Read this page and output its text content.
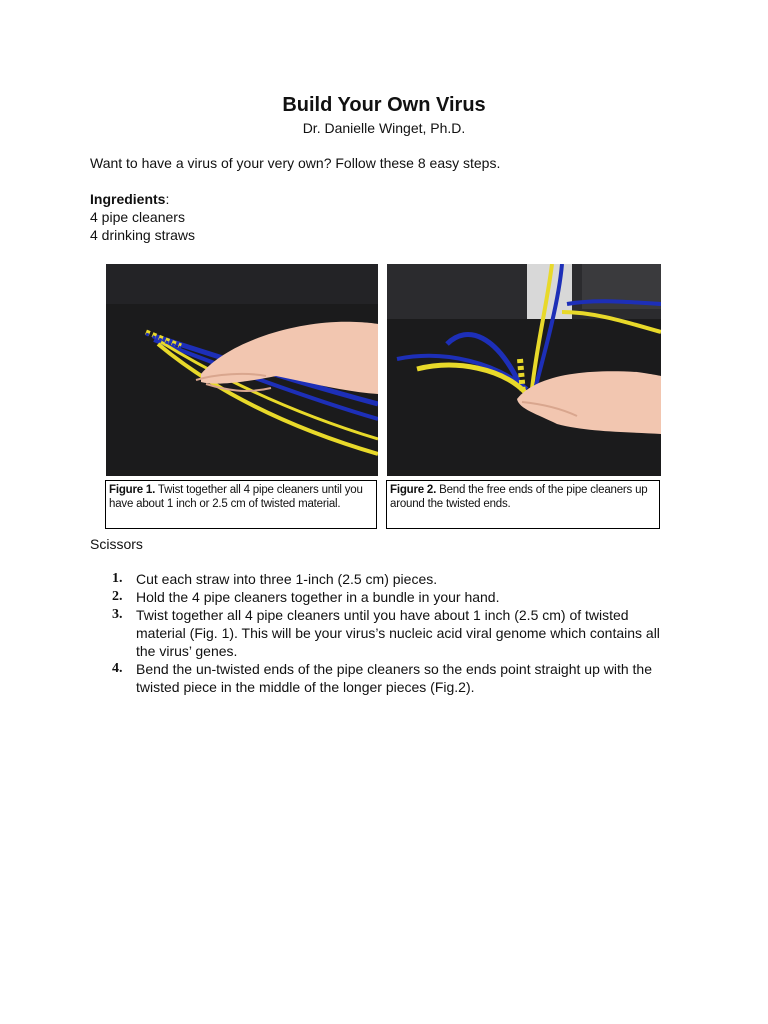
Build Your Own Virus
Dr. Danielle Winget, Ph.D.
Want to have a virus of your very own? Follow these 8 easy steps.
Ingredients:
4 pipe cleaners
4 drinking straws
Figure 1. Twist together all 4 pipe cleaners until you have about 1 inch or 2.5 cm of twisted material.
Figure 2. Bend the free ends of the pipe cleaners up around the twisted ends.
Scissors
1. Cut each straw into three 1-inch (2.5 cm) pieces.
2. Hold the 4 pipe cleaners together in a bundle in your hand.
3. Twist together all 4 pipe cleaners until you have about 1 inch (2.5 cm) of twisted material (Fig. 1). This will be your virus’s nucleic acid viral genome which contains all the virus’ genes.
4. Bend the un-twisted ends of the pipe cleaners so the ends point straight up with the twisted piece in the middle of the longer pieces (Fig.2).
